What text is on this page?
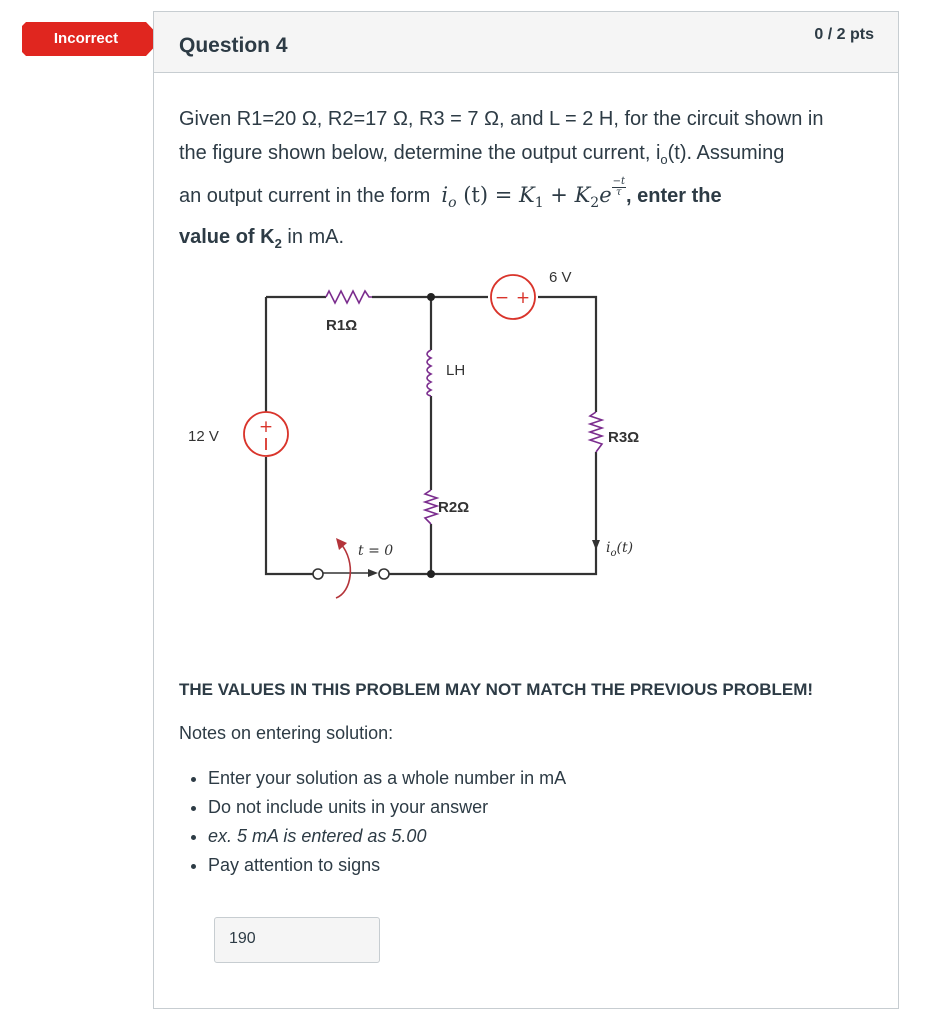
Incorrect	Question 4	0 / 2 pts
Given R1=20 Ω, R2=17 Ω, R3 = 7 Ω, and L = 2 H, for the circuit shown in
the figure shown below, determine the output current, $i_o(t)$. Assuming
an output current in the form $i_o$ $(t) = K_1 + K_2e \frac{-t}{\tau}$ , enter the
value of $K_2$ in mA.
R1Ω
LH
R2Ω
R3Ω
+
12 V
− +
6 V
t = 0	$i_o(t)$
THE VALUES IN THIS PROBLEM MAY NOT MATCH THE PREVIOUS PROBLEM!
Notes on entering solution:
• Enter your solution as a whole number in mA
• Do not include units in your answer
• ex. 5 mA is entered as 5.00
• Pay attention to signs
190
